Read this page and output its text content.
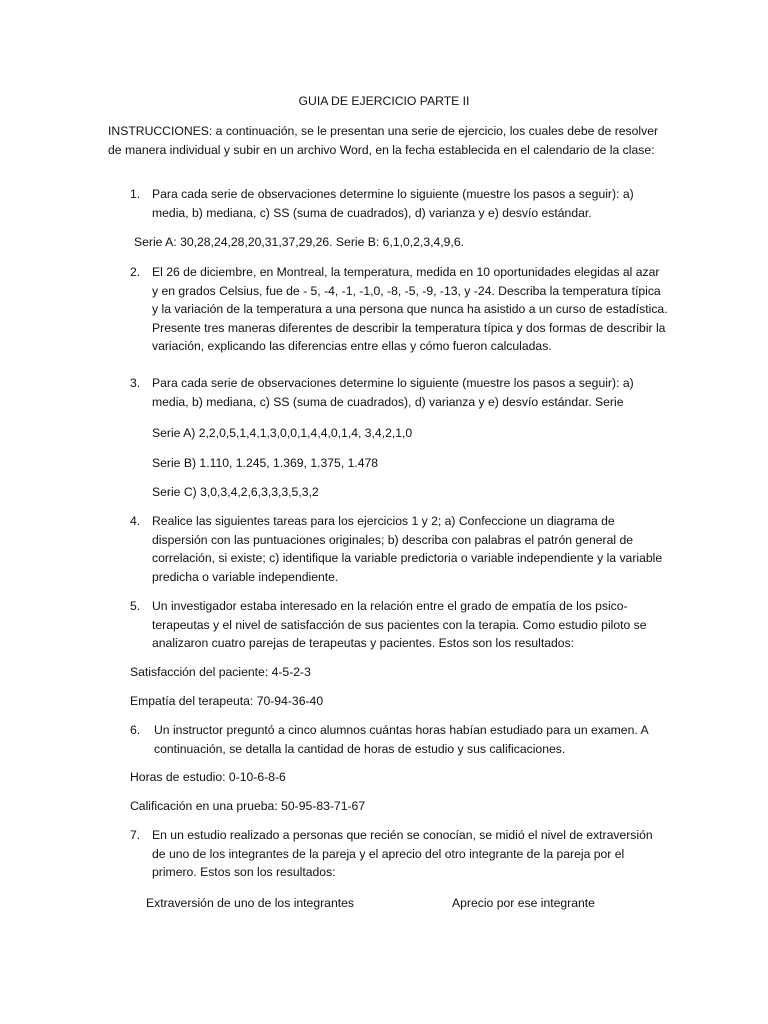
GUIA DE EJERCICIO PARTE II
INSTRUCCIONES: a continuación, se le presentan una serie de ejercicio, los cuales debe de resolver de manera individual y subir en un archivo Word, en la fecha establecida en el calendario de la clase:
1. Para cada serie de observaciones determine lo siguiente (muestre los pasos a seguir): a) media, b) mediana, c) SS (suma de cuadrados), d) varianza y e) desvío estándar.
Serie A: 30,28,24,28,20,31,37,29,26. Serie B: 6,1,0,2,3,4,9,6.
2. El 26 de diciembre, en Montreal, la temperatura, medida en 10 oportunidades elegidas al azar y en grados Celsius, fue de - 5, -4, -1, -1,0, -8, -5, -9, -13, y -24. Describa la temperatura típica y la variación de la temperatura a una persona que nunca ha asistido a un curso de estadística. Presente tres maneras diferentes de describir la temperatura típica y dos formas de describir la variación, explicando las diferencias entre ellas y cómo fueron calculadas.
3. Para cada serie de observaciones determine lo siguiente (muestre los pasos a seguir): a) media, b) mediana, c) SS (suma de cuadrados), d) varianza y e) desvío estándar. Serie
Serie A) 2,2,0,5,1,4,1,3,0,0,1,4,4,0,1,4, 3,4,2,1,0
Serie B) 1.110, 1.245, 1.369, 1.375, 1.478
Serie C) 3,0,3,4,2,6,3,3,3,5,3,2
4. Realice las siguientes tareas para los ejercicios 1 y 2; a) Confeccione un diagrama de dispersión con las puntuaciones originales; b) describa con palabras el patrón general de correlación, si existe; c) identifique la variable predictoria o variable independiente y la variable predicha o variable independiente.
5. Un investigador estaba interesado en la relación entre el grado de empatía de los psico-terapeutas y el nivel de satisfacción de sus pacientes con la terapia. Como estudio piloto se analizaron cuatro parejas de terapeutas y pacientes. Estos son los resultados:
Satisfacción del paciente: 4-5-2-3
Empatía del terapeuta: 70-94-36-40
6. Un instructor preguntó a cinco alumnos cuántas horas habían estudiado para un examen. A continuación, se detalla la cantidad de horas de estudio y sus calificaciones.
Horas de estudio: 0-10-6-8-6
Calificación en una prueba: 50-95-83-71-67
7. En un estudio realizado a personas que recién se conocían, se midió el nivel de extraversión de uno de los integrantes de la pareja y el aprecio del otro integrante de la pareja por el primero. Estos son los resultados:
Extraversión de uno de los integrantes	Aprecio por ese integrante
